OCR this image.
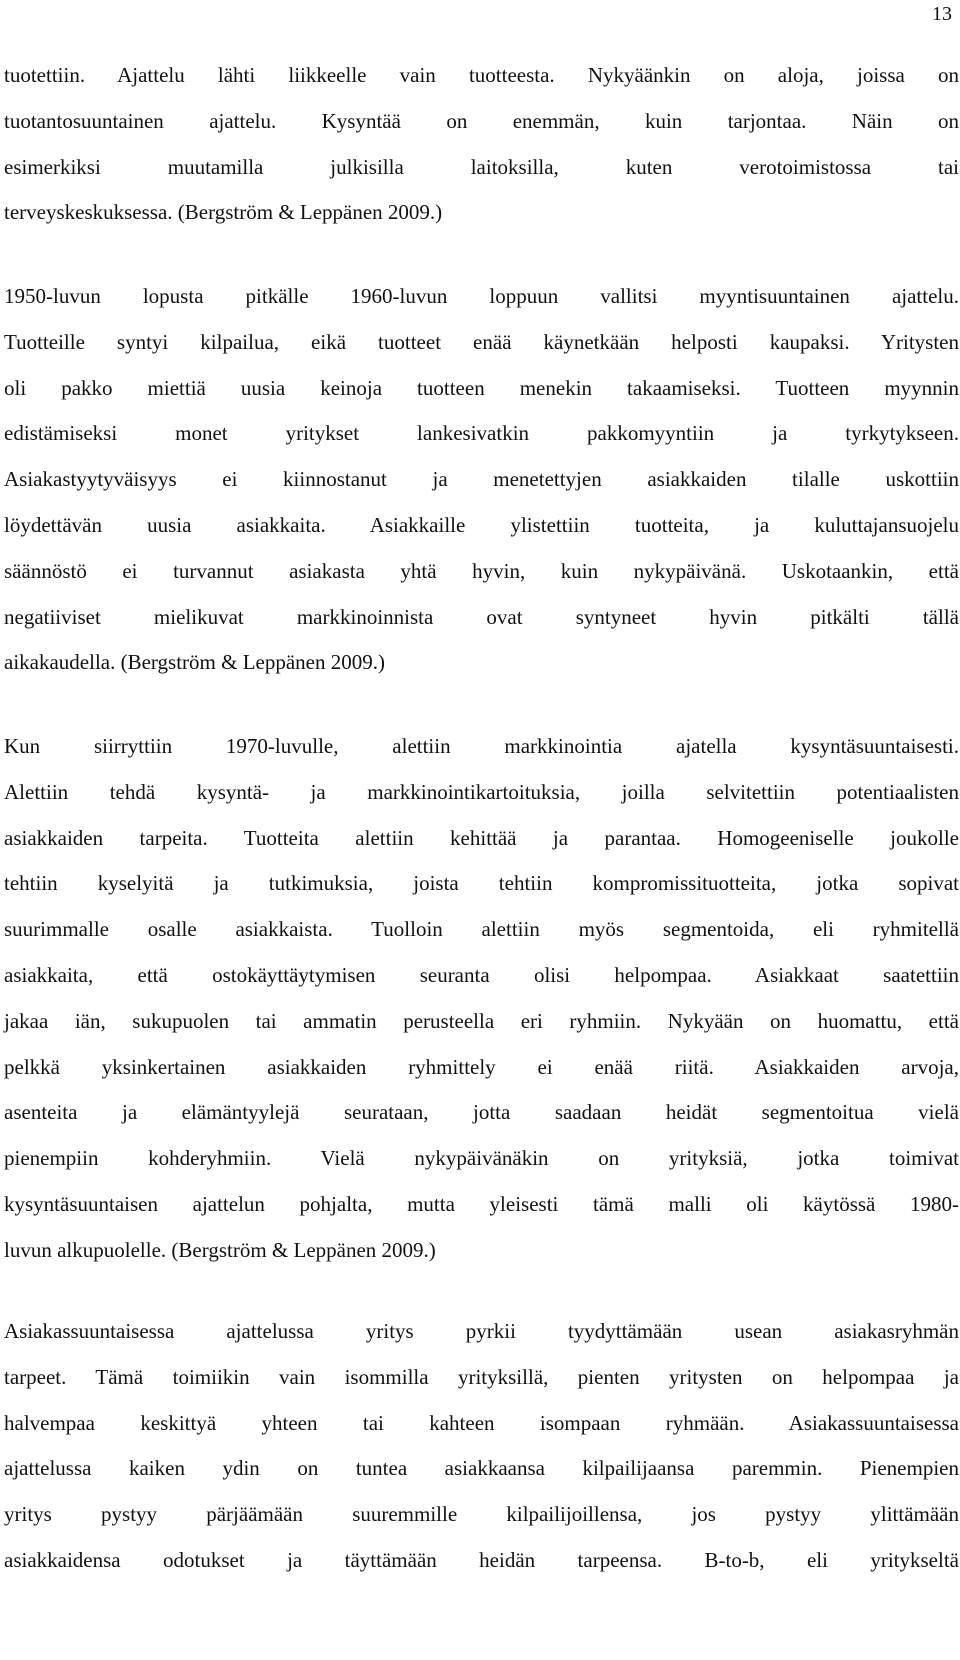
13
tuotettiin. Ajattelu lähti liikkeelle vain tuotteesta. Nykyäänkin on aloja, joissa on
tuotantosuuntainen ajattelu. Kysyntää on enemmän, kuin tarjontaa. Näin on
esimerkiksi muutamilla julkisilla laitoksilla, kuten verotoimistossa tai
terveyskeskuksessa. (Bergström & Leppänen 2009.)
1950-luvun lopusta pitkälle 1960-luvun loppuun vallitsi myyntisuuntainen ajattelu.
Tuotteille syntyi kilpailua, eikä tuotteet enää käynetkään helposti kaupaksi. Yritysten
oli pakko miettiä uusia keinoja tuotteen menekin takaamiseksi. Tuotteen myynnin
edistämiseksi monet yritykset lankesivatkin pakkomyyntiin ja tyrkytykseen.
Asiakastyytyväisyys ei kiinnostanut ja menetettyjen asiakkaiden tilalle uskottiin
löydettävän uusia asiakkaita. Asiakkaille ylistettiin tuotteita, ja kuluttajansuojelu
säännöstö ei turvannut asiakasta yhtä hyvin, kuin nykypäivänä. Uskotaankin, että
negatiiviset mielikuvat markkinoinnista ovat syntyneet hyvin pitkälti tällä
aikakaudella. (Bergström & Leppänen 2009.)
Kun siirryttiin 1970-luvulle, alettiin markkinointia ajatella kysyntäsuuntaisesti.
Alettiin tehdä kysyntä- ja markkinointikartoituksia, joilla selvitettiin potentiaalisten
asiakkaiden tarpeita. Tuotteita alettiin kehittää ja parantaa. Homogeeniselle joukolle
tehtiin kyselyitä ja tutkimuksia, joista tehtiin kompromissituotteita, jotka sopivat
suurimmalle osalle asiakkaista. Tuolloin alettiin myös segmentoida, eli ryhmitellä
asiakkaita, että ostokäyttäytymisen seuranta olisi helpompaa. Asiakkaat saatettiin
jakaa iän, sukupuolen tai ammatin perusteella eri ryhmiin. Nykyään on huomattu, että
pelkkä yksinkertainen asiakkaiden ryhmittely ei enää riitä. Asiakkaiden arvoja,
asenteita ja elämäntyylejä seurataan, jotta saadaan heidät segmentoitua vielä
pienempiin kohderyhmiin. Vielä nykypäivänäkin on yrityksiä, jotka toimivat
kysyntäsuuntaisen ajattelun pohjalta, mutta yleisesti tämä malli oli käytössä 1980-
luvun alkupuolelle. (Bergström & Leppänen 2009.)
Asiakassuuntaisessa ajattelussa yritys pyrkii tyydyttämään usean asiakasryhmän
tarpeet. Tämä toimiikin vain isommilla yrityksillä, pienten yritysten on helpompaa ja
halvempaa keskittyä yhteen tai kahteen isompaan ryhmään. Asiakassuuntaisessa
ajattelussa kaiken ydin on tuntea asiakkaansa kilpailijaansa paremmin. Pienempien
yritys pystyy pärjäämään suuremmille kilpailijoillensa, jos pystyy ylittämään
asiakkaidensa odotukset ja täyttämään heidän tarpeensa. B-to-b, eli yritykseltä
